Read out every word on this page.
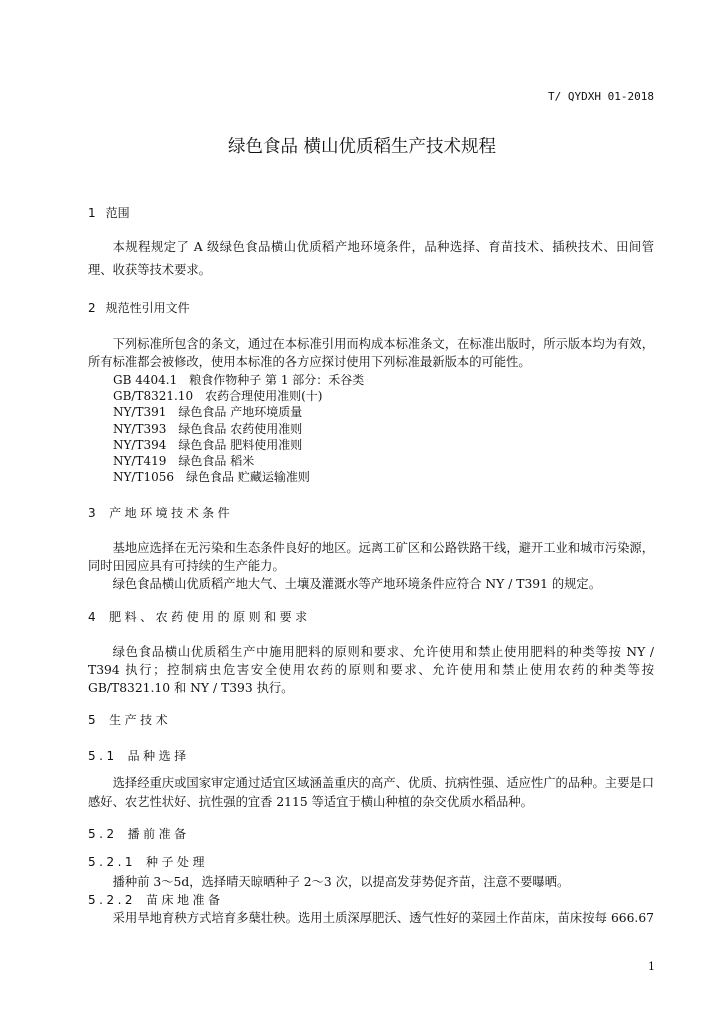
T/ QYDXH 01-2018
绿色食品 横山优质稻生产技术规程
1 范围
本规程规定了 A 级绿色食品横山优质稻产地环境条件，品种选择、育苗技术、插秧技术、田间管理、收获等技术要求。
2 规范性引用文件
下列标准所包含的条文，通过在本标准引用而构成本标准条文，在标准出版时，所示版本均为有效，所有标准都会被修改，使用本标准的各方应探讨使用下列标准最新版本的可能性。
GB 4404.1 粮食作物种子 第 1 部分：禾谷类
GB/T8321.10 农药合理使用准则(十)
NY/T391 绿色食品 产地环境质量
NY/T393 绿色食品 农药使用准则
NY/T394 绿色食品 肥料使用准则
NY/T419 绿色食品 稻米
NY/T1056 绿色食品 贮藏运输准则
3 产地环境技术条件
基地应选择在无污染和生态条件良好的地区。远离工矿区和公路铁路干线，避开工业和城市污染源，同时田园应具有可持续的生产能力。
绿色食品横山优质稻产地大气、土壤及灌溉水等产地环境条件应符合 NY / T391 的规定。
4 肥料、农药使用的原则和要求
绿色食品横山优质稻生产中施用肥料的原则和要求、允许使用和禁止使用肥料的种类等按 NY / T394 执行；控制病虫危害安全使用农药的原则和要求、允许使用和禁止使用农药的种类等按 GB/T8321.10 和 NY / T393 执行。
5 生产技术
5.1 品种选择
选择经重庆或国家审定通过适宜区域涵盖重庆的高产、优质、抗病性强、适应性广的品种。主要是口感好、农艺性状好、抗性强的宜香 2115 等适宜于横山种植的杂交优质水稻品种。
5.2 播前准备
5.2.1 种子处理
播种前 3～5d，选择晴天晾晒种子 2～3 次，以提高发芽势促齐苗，注意不要曝晒。
5.2.2 苗床地准备
采用旱地育秧方式培育多蘖壮秧。选用土质深厚肥沃、透气性好的菜园土作苗床，苗床按每 666.67
1
